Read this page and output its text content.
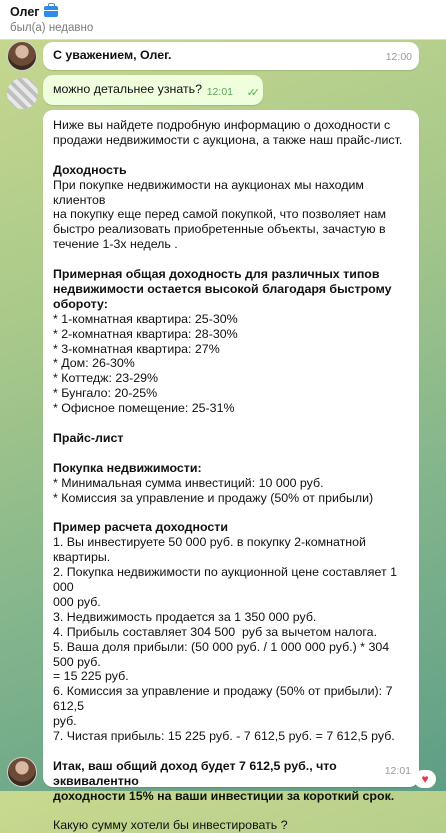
Олег
был(а) недавно
С уважением, Олег.	12:00
можно детальнее узнать? 12:01 ✓✓
Ниже вы найдете подробную информацию о доходности с
продажи недвижимости с аукциона, а также наш прайс-лист.
Доходность
При покупке недвижимости на аукционах мы находим клиентов
на покупку еще перед самой покупкой, что позволяет нам
быстро реализовать приобретенные объекты, зачастую в
течение 1-3х недель .
Примерная общая доходность для различных типов
недвижимости остается высокой благодаря быстрому
обороту:
* 1-комнатная квартира: 25-30%
* 2-комнатная квартира: 28-30%
* 3-комнатная квартира: 27%
* Дом: 26-30%
* Коттедж: 23-29%
* Бунгало: 20-25%
* Офисное помещение: 25-31%
Прайс-лист
Покупка недвижимости:
* Минимальная сумма инвестиций: 10 000 руб.
* Комиссия за управление и продажу (50% от прибыли)
Пример расчета доходности
1. Вы инвестируете 50 000 руб. в покупку 2-комнатной квартиры.
2. Покупка недвижимости по аукционной цене составляет 1 000
000 руб.
3. Недвижимость продается за 1 350 000 руб.
4. Прибыль составляет 304 500  руб за вычетом налога.
5. Ваша доля прибыли: (50 000 руб. / 1 000 000 руб.) * 304 500 руб.
= 15 225 руб.
6. Комиссия за управление и продажу (50% от прибыли): 7 612,5
руб.
7. Чистая прибыль: 15 225 руб. - 7 612,5 руб. = 7 612,5 руб.
Итак, ваш общий доход будет 7 612,5 руб., что эквивалентно
доходности 15% на ваши инвестиции за короткий срок.
Какую сумму хотели бы инвестировать ?
12:01
♥
